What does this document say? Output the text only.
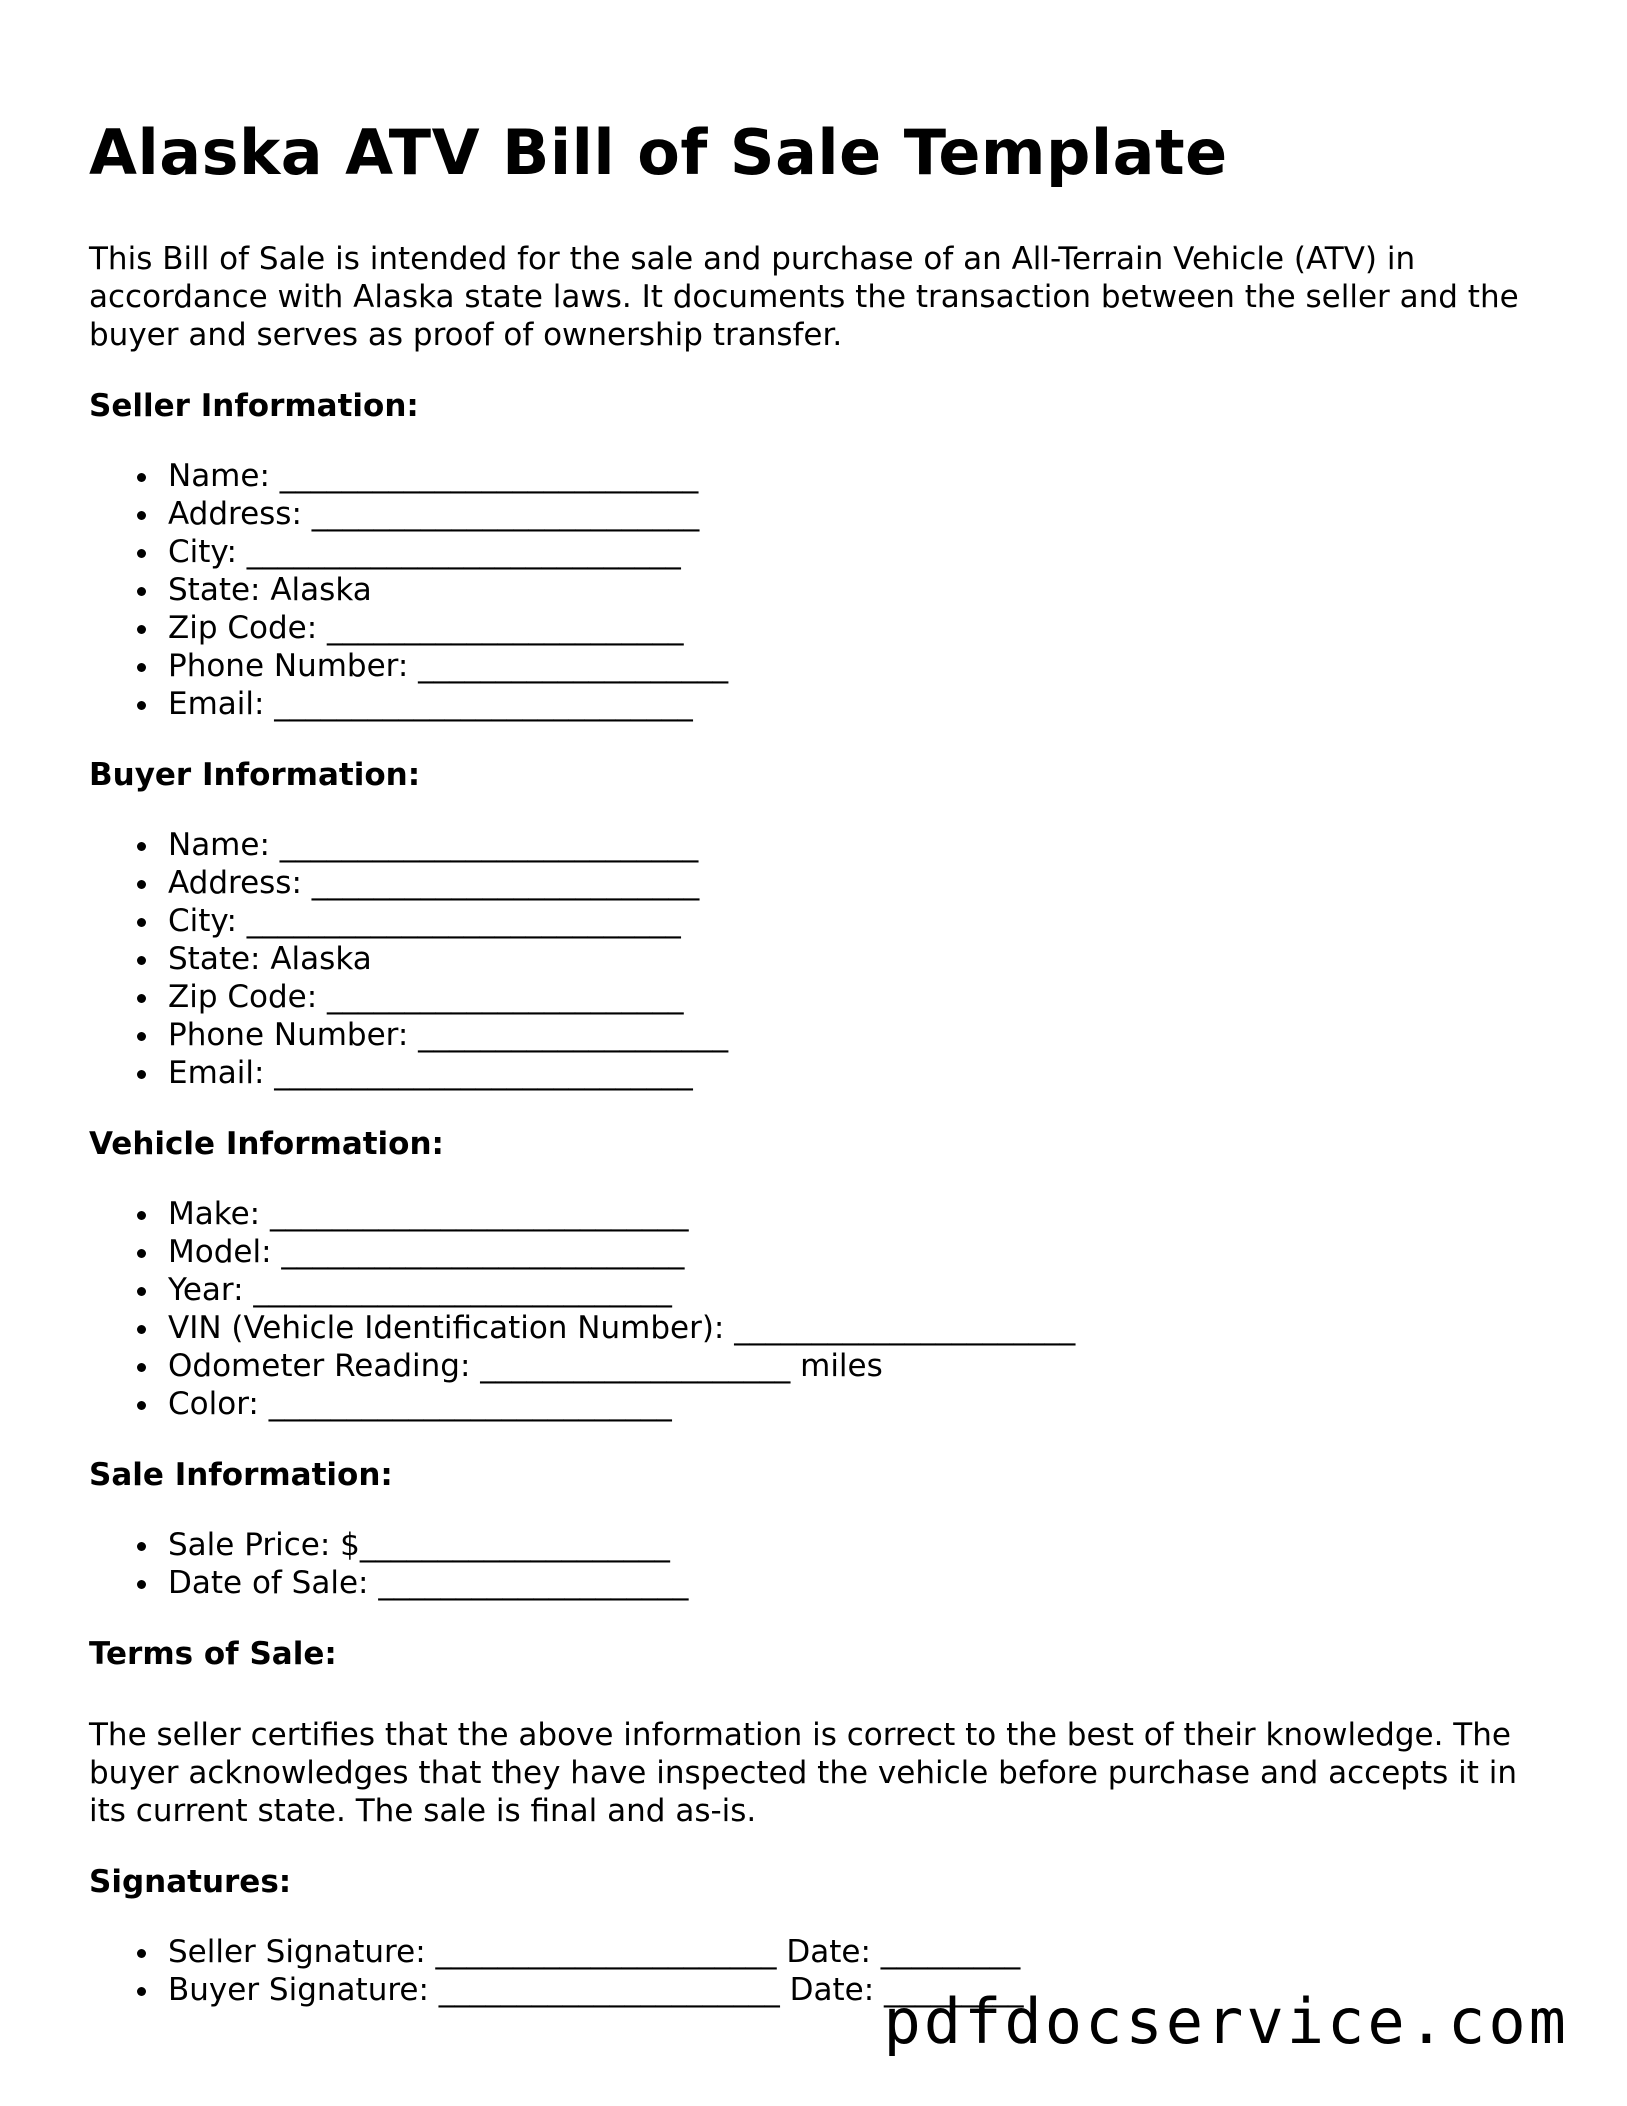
Alaska ATV Bill of Sale Template

This Bill of Sale is intended for the sale and purchase of an All-Terrain Vehicle (ATV) in accordance with Alaska state laws. It documents the transaction between the seller and the buyer and serves as proof of ownership transfer.

Seller Information:
Name: ___________________________
Address: _________________________
City: ____________________________
State: Alaska
Zip Code: _______________________
Phone Number: ____________________
Email: ___________________________
Buyer Information:
Name: ___________________________
Address: _________________________
City: ____________________________
State: Alaska
Zip Code: _______________________
Phone Number: ____________________
Email: ___________________________
Vehicle Information:
Make: ___________________________
Model: __________________________
Year: ___________________________
VIN (Vehicle Identification Number): ______________________
Odometer Reading: ____________________ miles
Color: __________________________
Sale Information:
Sale Price: $____________________
Date of Sale: ____________________
Terms of Sale:

The seller certifies that the above information is correct to the best of their knowledge. The buyer acknowledges that they have inspected the vehicle before purchase and accepts it in its current state. The sale is final and as-is.

Signatures:
Seller Signature: ______________________ Date: _________
Buyer Signature: ______________________ Date: _________
pdfdocservice.com
